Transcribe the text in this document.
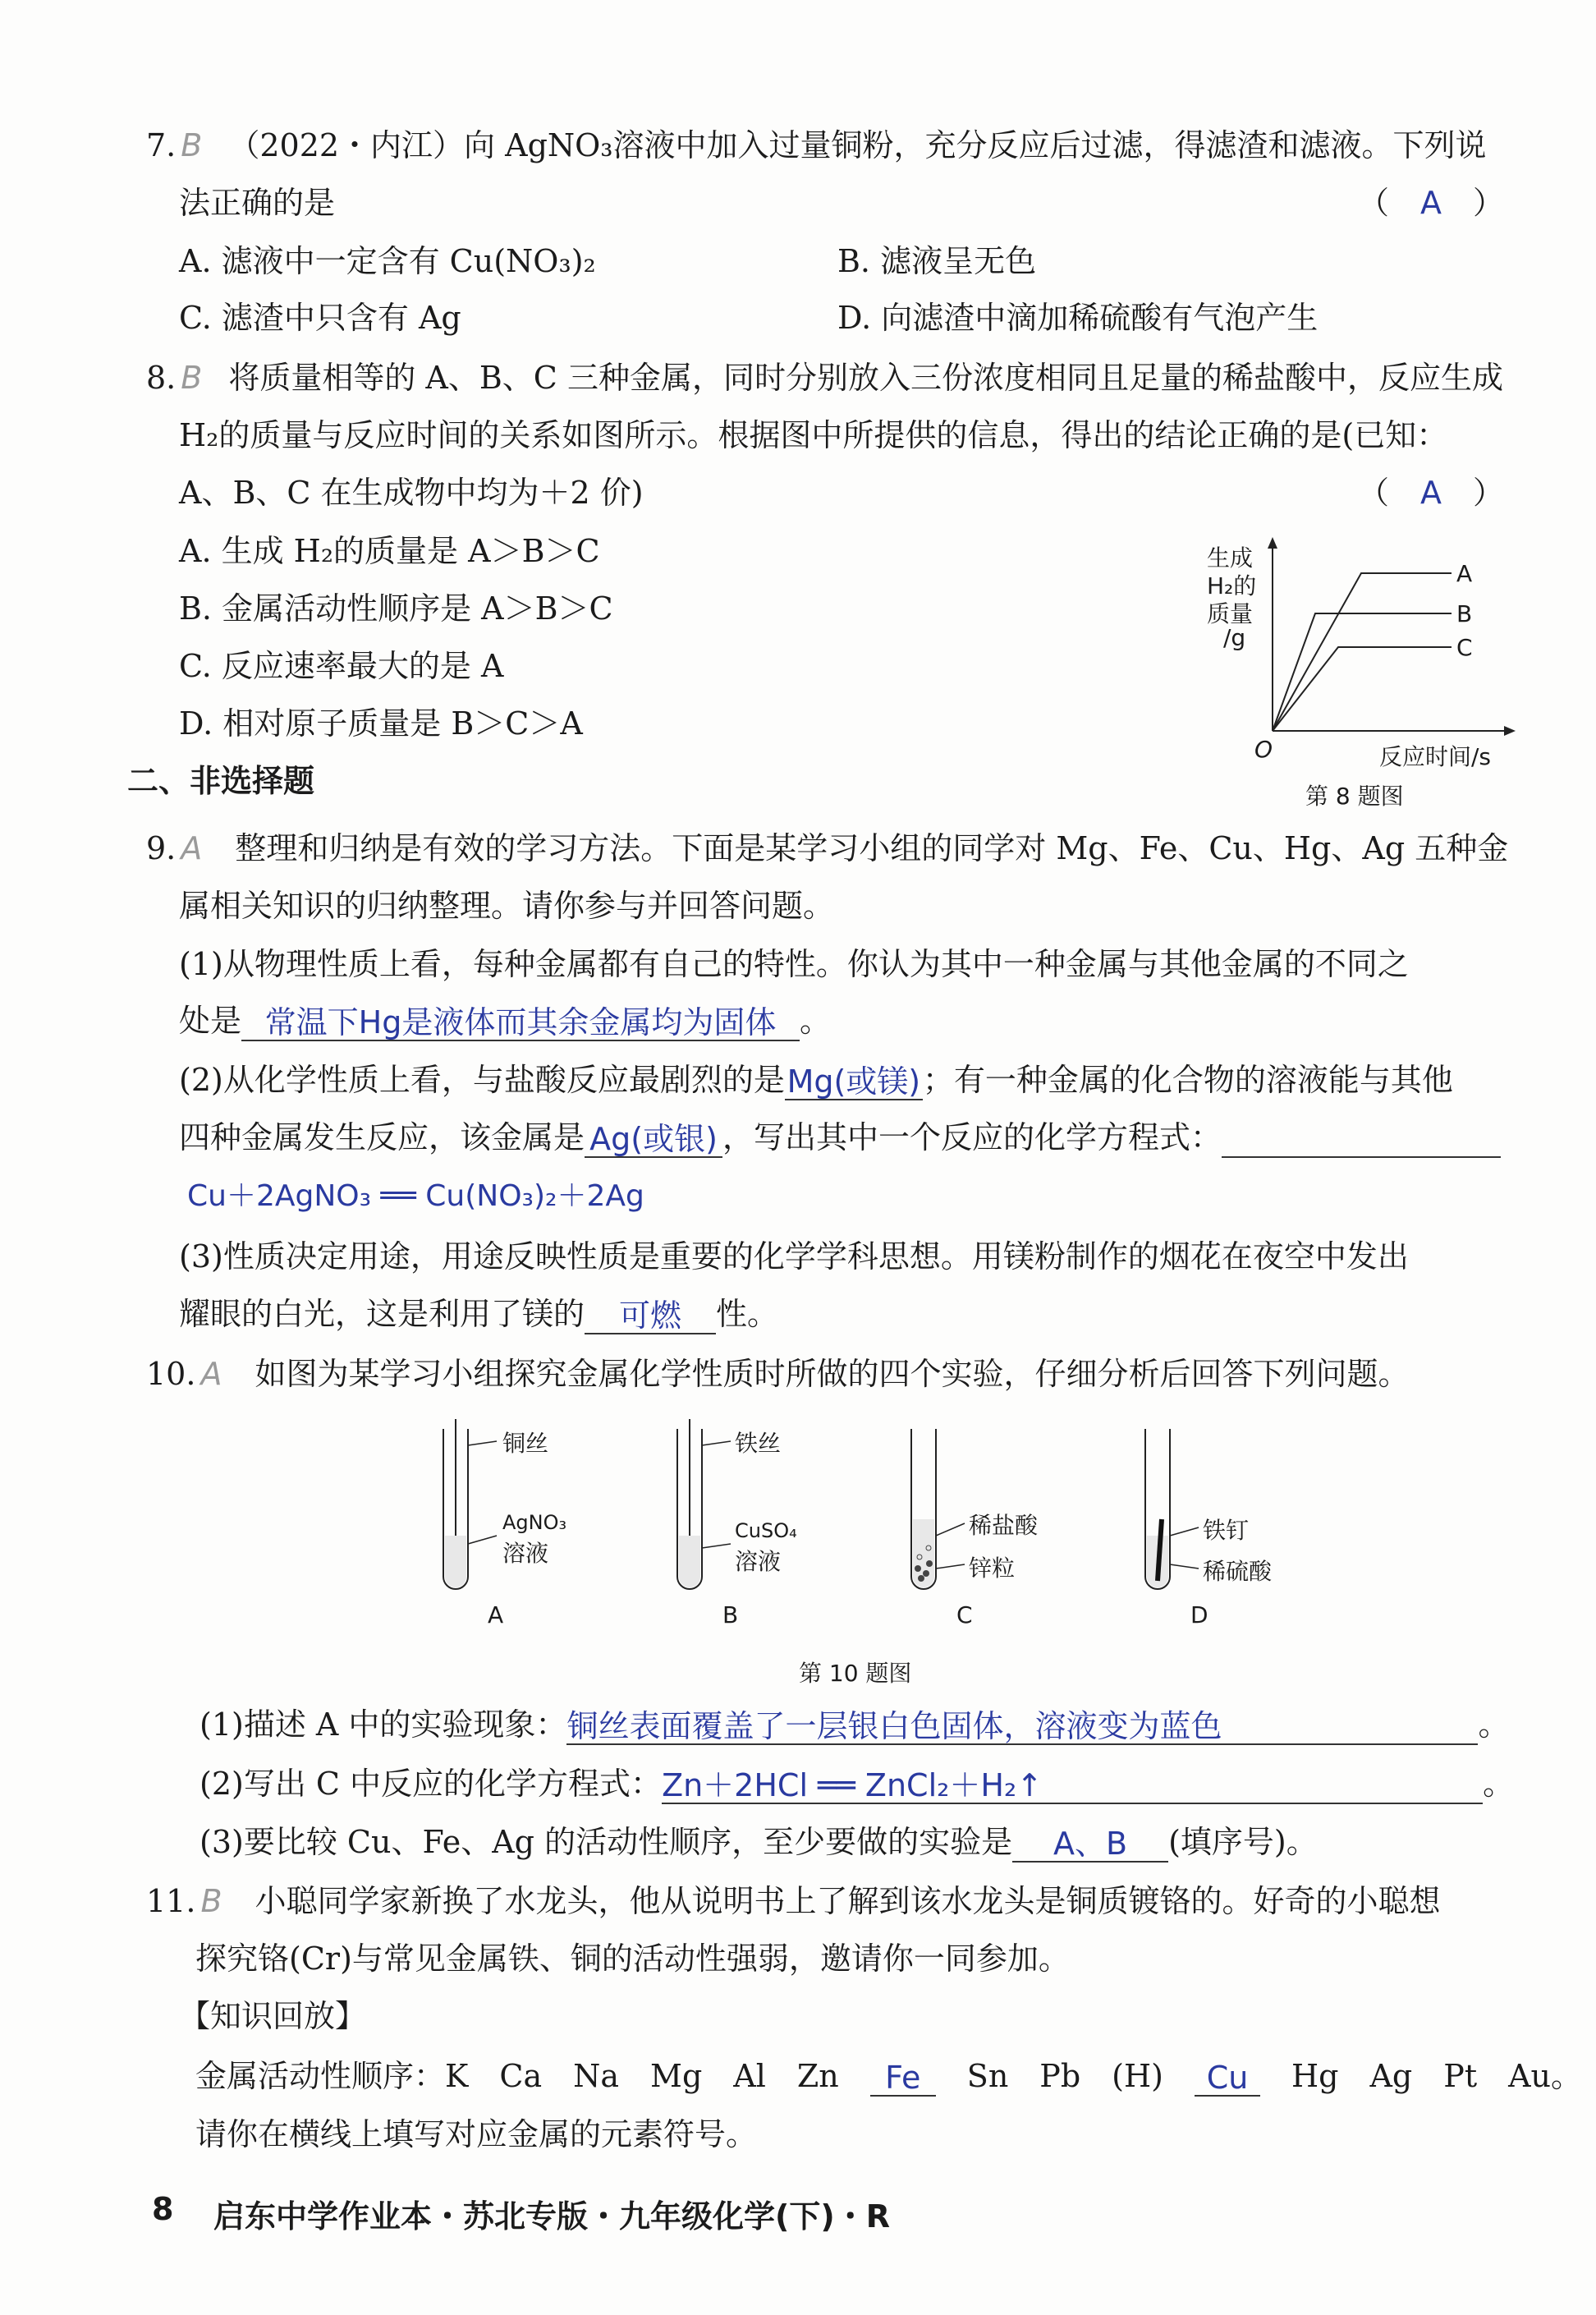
7. B （2022・内江）向 AgNO₃溶液中加入过量铜粉，充分反应后过滤，得滤渣和滤液。下列说
法正确的是	（　A　）
A. 滤液中一定含有 Cu(NO₃)₂	B. 滤液呈无色
C. 滤渣中只含有 Ag	D. 向滤渣中滴加稀硫酸有气泡产生
8. B 将质量相等的 A、B、C 三种金属，同时分别放入三份浓度相同且足量的稀盐酸中，反应生成
H₂的质量与反应时间的关系如图所示。根据图中所提供的信息，得出的结论正确的是(已知：
A、B、C 在生成物中均为＋2 价)	（　A　）
A. 生成 H₂的质量是 A＞B＞C
B. 金属活动性顺序是 A＞B＞C
C. 反应速率最大的是 A
D. 相对原子质量是 B＞C＞A
生成
H₂的
质量
/g
A
B
C
O	反应时间/s
第 8 题图
二、非选择题
9. A 整理和归纳是有效的学习方法。下面是某学习小组的同学对 Mg、Fe、Cu、Hg、Ag 五种金
属相关知识的归纳整理。请你参与并回答问题。
(1)从物理性质上看，每种金属都有自己的特性。你认为其中一种金属与其他金属的不同之
处是 常温下Hg是液体而其余金属均为固体 。
(2)从化学性质上看，与盐酸反应最剧烈的是Mg(或镁)；有一种金属的化合物的溶液能与其他
四种金属发生反应，该金属是 Ag(或银) ，写出其中一个反应的化学方程式：
Cu＋2AgNO₃ ══ Cu(NO₃)₂＋2Ag
(3)性质决定用途，用途反映性质是重要的化学学科思想。用镁粉制作的烟花在夜空中发出
耀眼的白光，这是利用了镁的 可燃 性。
10. A 如图为某学习小组探究金属化学性质时所做的四个实验，仔细分析后回答下列问题。
铜丝
AgNO₃
溶液
铁丝
CuSO₄
溶液
稀盐酸
锌粒
铁钉
稀硫酸
A	B	C	D
第 10 题图
(1)描述 A 中的实验现象：铜丝表面覆盖了一层银白色固体，溶液变为蓝色	。
(2)写出 C 中反应的化学方程式：Zn＋2HCl ══ ZnCl₂＋H₂↑	。
(3)要比较 Cu、Fe、Ag 的活动性顺序，至少要做的实验是 A、B (填序号)。
11. B 小聪同学家新换了水龙头，他从说明书上了解到该水龙头是铜质镀铬的。好奇的小聪想
探究铬(Cr)与常见金属铁、铜的活动性强弱，邀请你一同参加。
【知识回放】
金属活动性顺序：K　Ca　Na　Mg　Al　Zn　 Fe　 Sn　Pb　(H)　 Cu　 Hg　Ag　Pt　Au。
请你在横线上填写对应金属的元素符号。
8 启东中学作业本・苏北专版・九年级化学(下)・R
